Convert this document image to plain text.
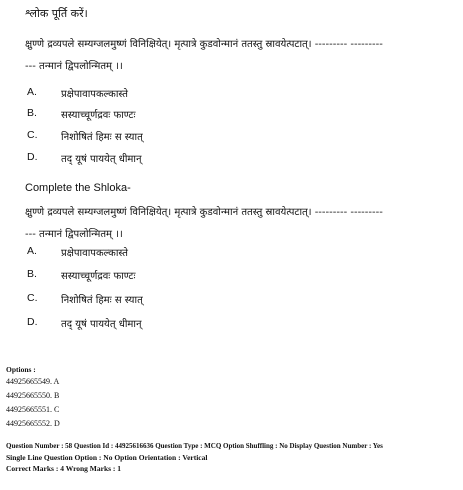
श्लोक पूर्ति करें।
क्षुण्णे द्रव्यपले सम्यग्जलमुष्णं विनिक्षियेत्। मृत्पात्रे कुडवोन्मानं ततस्तु स्रावयेत्पटात्। --------- ---------
--- तन्मानं द्विपलोन्मितम् ।।
A. प्रक्षेपावापकल्कास्ते
B. सस्याच्चूर्णद्रवः फाण्टः
C. निशोषितं हिमः स स्यात्
D. तद् यूषं पाययेत् धीमान्
Complete the Shloka-
क्षुण्णे द्रव्यपले सम्यग्जलमुष्णं विनिक्षियेत्। मृत्पात्रे कुडवोन्मानं ततस्तु स्रावयेत्पटात्। --------- ---------
--- तन्मानं द्विपलोन्मितम् ।।
A. प्रक्षेपावापकल्कास्ते
B. सस्याच्चूर्णद्रवः फाण्टः
C. निशोषितं हिमः स स्यात्
D. तद् यूषं पाययेत् धीमान्
Options :
44925665549. A
44925665550. B
44925665551. C
44925665552. D
Question Number : 58 Question Id : 44925616636 Question Type : MCQ Option Shuffling : No Display Question Number : Yes
Single Line Question Option : No Option Orientation : Vertical
Correct Marks : 4 Wrong Marks : 1
